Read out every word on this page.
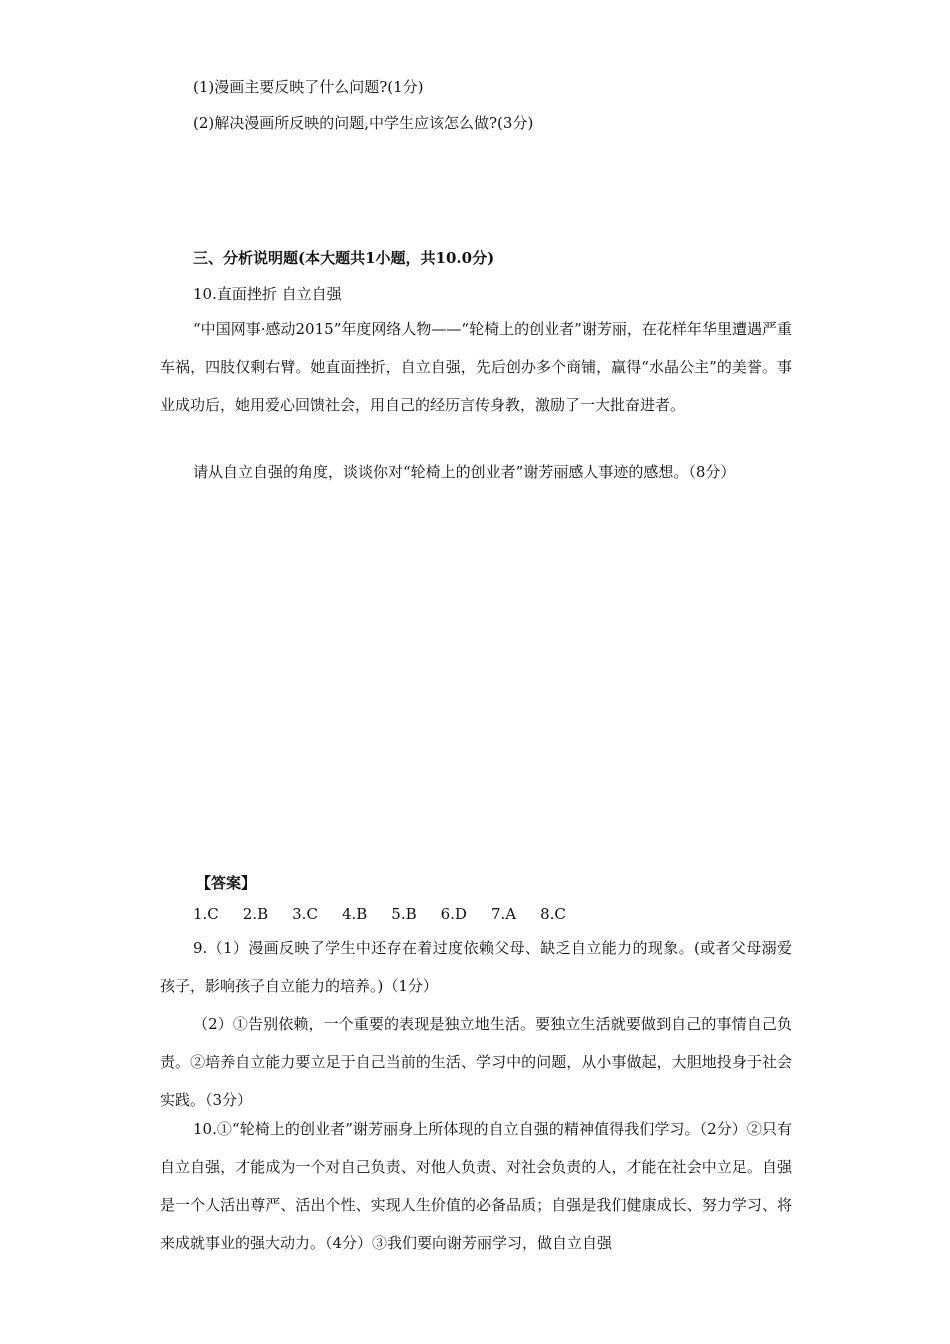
(1)漫画主要反映了什么问题?(1分)
(2)解决漫画所反映的问题,中学生应该怎么做?(3分)
三、分析说明题(本大题共1小题，共10.0分)
10.直面挫折 自立自强
“中国网事·感动2015”年度网络人物——“轮椅上的创业者”谢芳丽，在花样年华里遭遇严重车祸，四肢仅剩右臂。她直面挫折，自立自强，先后创办多个商铺，赢得“水晶公主”的美誉。事业成功后，她用爱心回馈社会，用自己的经历言传身教，激励了一大批奋进者。
请从自立自强的角度，谈谈你对“轮椅上的创业者”谢芳丽感人事迹的感想。（8分）
【答案】
1.C 2.B 3.C 4.B 5.B 6.D 7.A 8.C
9.（1）漫画反映了学生中还存在着过度依赖父母、缺乏自立能力的现象。(或者父母溺爱孩子，影响孩子自立能力的培养。)（1分）
（2）①告别依赖，一个重要的表现是独立地生活。要独立生活就要做到自己的事情自己负责。②培养自立能力要立足于自己当前的生活、学习中的问题，从小事做起，大胆地投身于社会实践。（3分）
10.①“轮椅上的创业者”谢芳丽身上所体现的自立自强的精神值得我们学习。（2分）②只有自立自强，才能成为一个对自己负责、对他人负责、对社会负责的人，才能在社会中立足。自强是一个人活出尊严、活出个性、实现人生价值的必备品质；自强是我们健康成长、努力学习、将来成就事业的强大动力。（4分）③我们要向谢芳丽学习，做自立自强
